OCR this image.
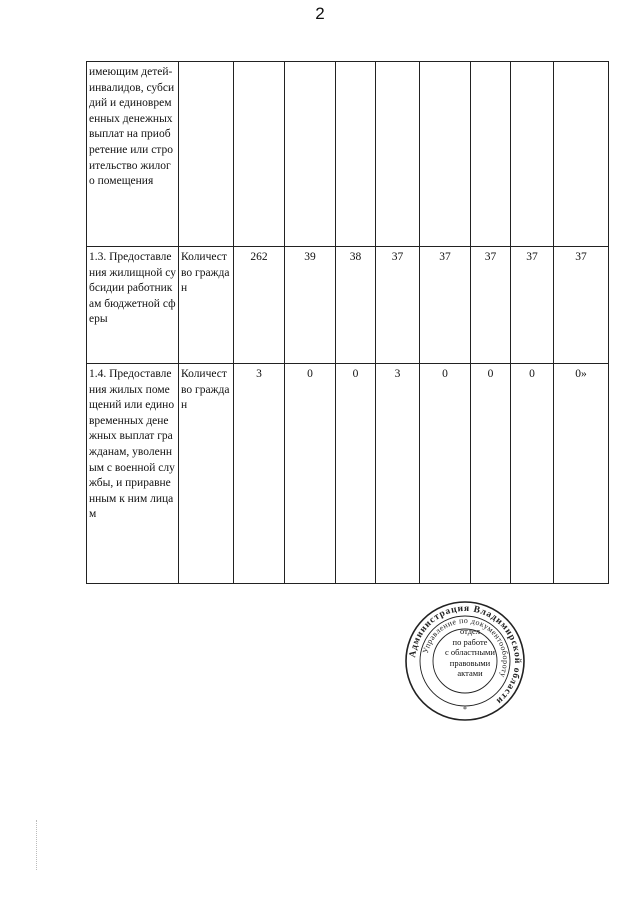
2
имеющим детей-инвалидов, субсидий и единовременных денежных выплат на приобретение или строительство жилого помещения									
1.3. Предоставления жилищной субсидии работникам бюджетной сферы	Количество граждан	262	39	38	37	37	37	37	37
1.4. Предоставления жилых помещений или единовременных денежных выплат гражданам, уволенным с военной службы, и приравненным к ним лицам	Количество граждан	3	0	0	3	0	0	0	0»
Администрация Владимирской области
Управление по документообороту
*
отдел
по работе
с областными
правовыми
актами
